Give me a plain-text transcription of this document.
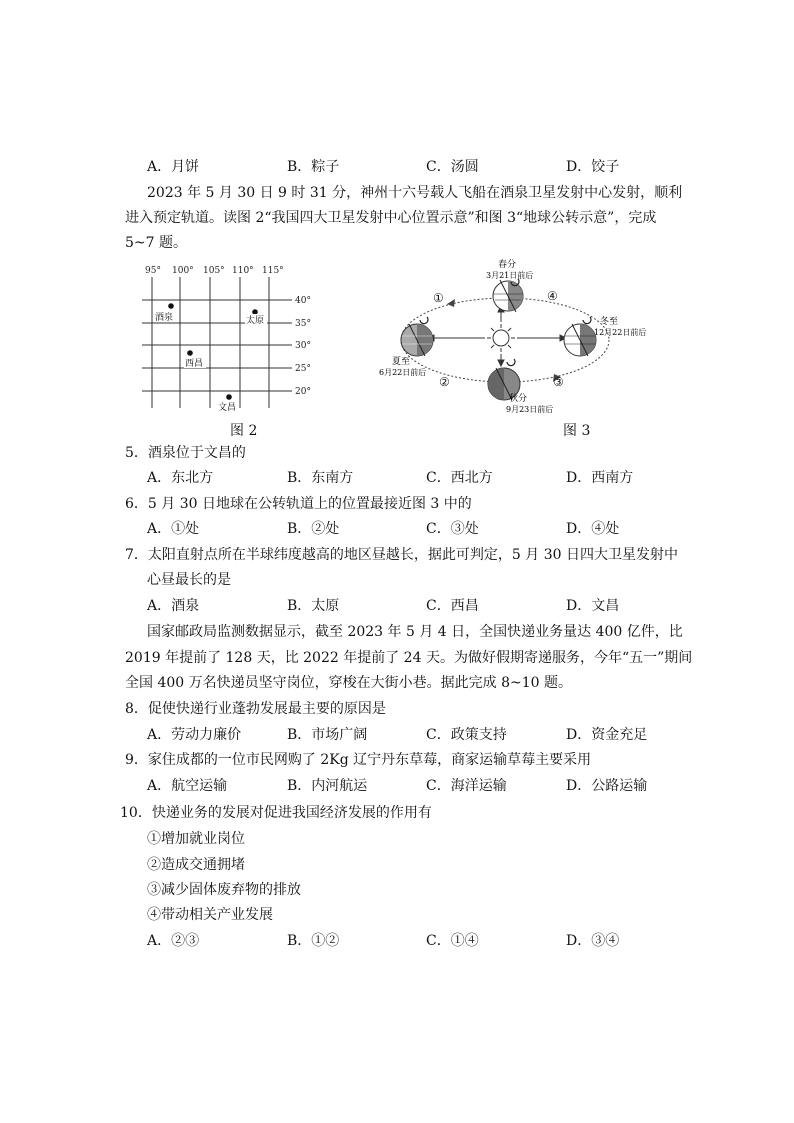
A．月饼	B．粽子	C．汤圆	D．饺子
2023 年 5 月 30 日 9 时 31 分，神州十六号载人飞船在酒泉卫星发射中心发射，顺利
进入预定轨道。读图 2“我国四大卫星发射中心位置示意”和图 3“地球公转示意”，完成
5~7 题。
95° 100° 105° 110° 115°
40°
35°
30°
25°
20°
酒泉	太原
西昌
文昌
图 2
春分
3月21日前后
夏至
6月22日前后
秋分
9月23日前后
冬至
12月22日前后
①
②	③
④
图 3
5．酒泉位于文昌的
A．东北方	B．东南方	C．西北方	D．西南方
6．5 月 30 日地球在公转轨道上的位置最接近图 3 中的
A．①处	B．②处	C．③处	D．④处
7．太阳直射点所在半球纬度越高的地区昼越长，据此可判定，5 月 30 日四大卫星发射中
心昼最长的是
A．酒泉	B．太原	C．西昌	D．文昌
国家邮政局监测数据显示，截至 2023 年 5 月 4 日，全国快递业务量达 400 亿件，比
2019 年提前了 128 天，比 2022 年提前了 24 天。为做好假期寄递服务，今年“五一”期间
全国 400 万名快递员坚守岗位，穿梭在大街小巷。据此完成 8~10 题。
8．促使快递行业蓬勃发展最主要的原因是
A．劳动力廉价	B．市场广阔	C．政策支持	D．资金充足
9．家住成都的一位市民网购了 2Kg 辽宁丹东草莓，商家运输草莓主要采用
A．航空运输	B．内河航运	C．海洋运输	D．公路运输
10．快递业务的发展对促进我国经济发展的作用有
①增加就业岗位
②造成交通拥堵
③减少固体废弃物的排放
④带动相关产业发展
A．②③	B．①②	C．①④	D．③④
